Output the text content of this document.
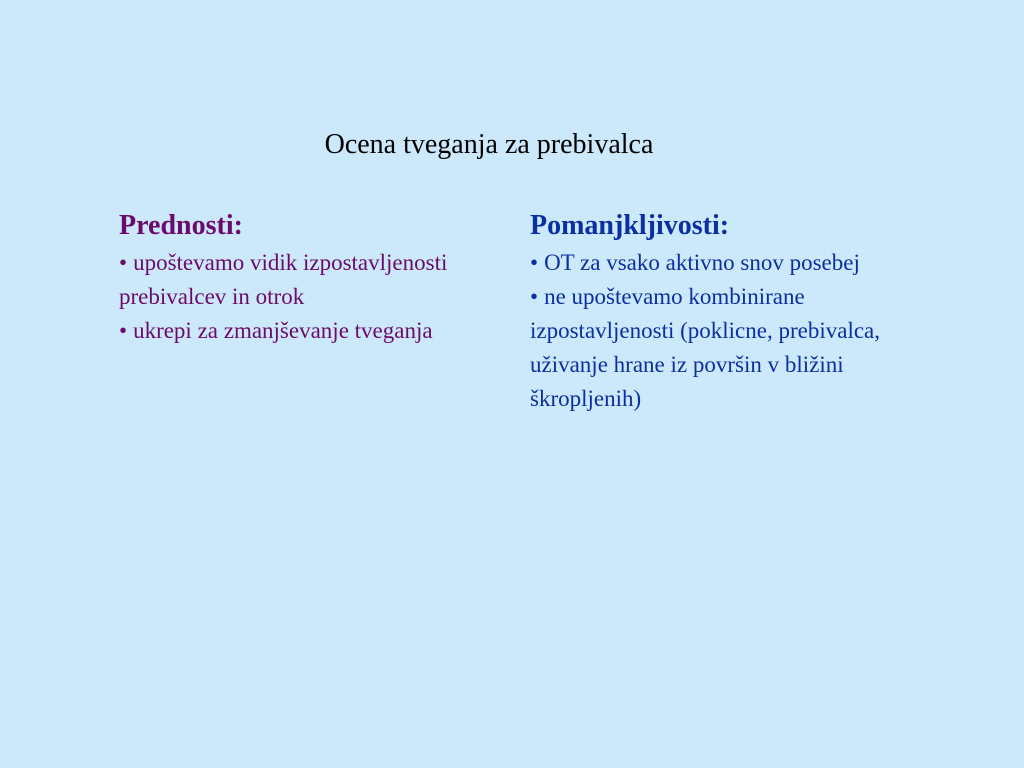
Ocena tveganja za prebivalca
Prednosti:
• upoštevamo vidik izpostavljenosti prebivalcev in otrok
• ukrepi za zmanjševanje tveganja
Pomanjkljivosti:
• OT za vsako aktivno snov posebej
• ne upoštevamo kombinirane izpostavljenosti (poklicne, prebivalca, uživanje hrane iz površin v bližini škropljenih)
